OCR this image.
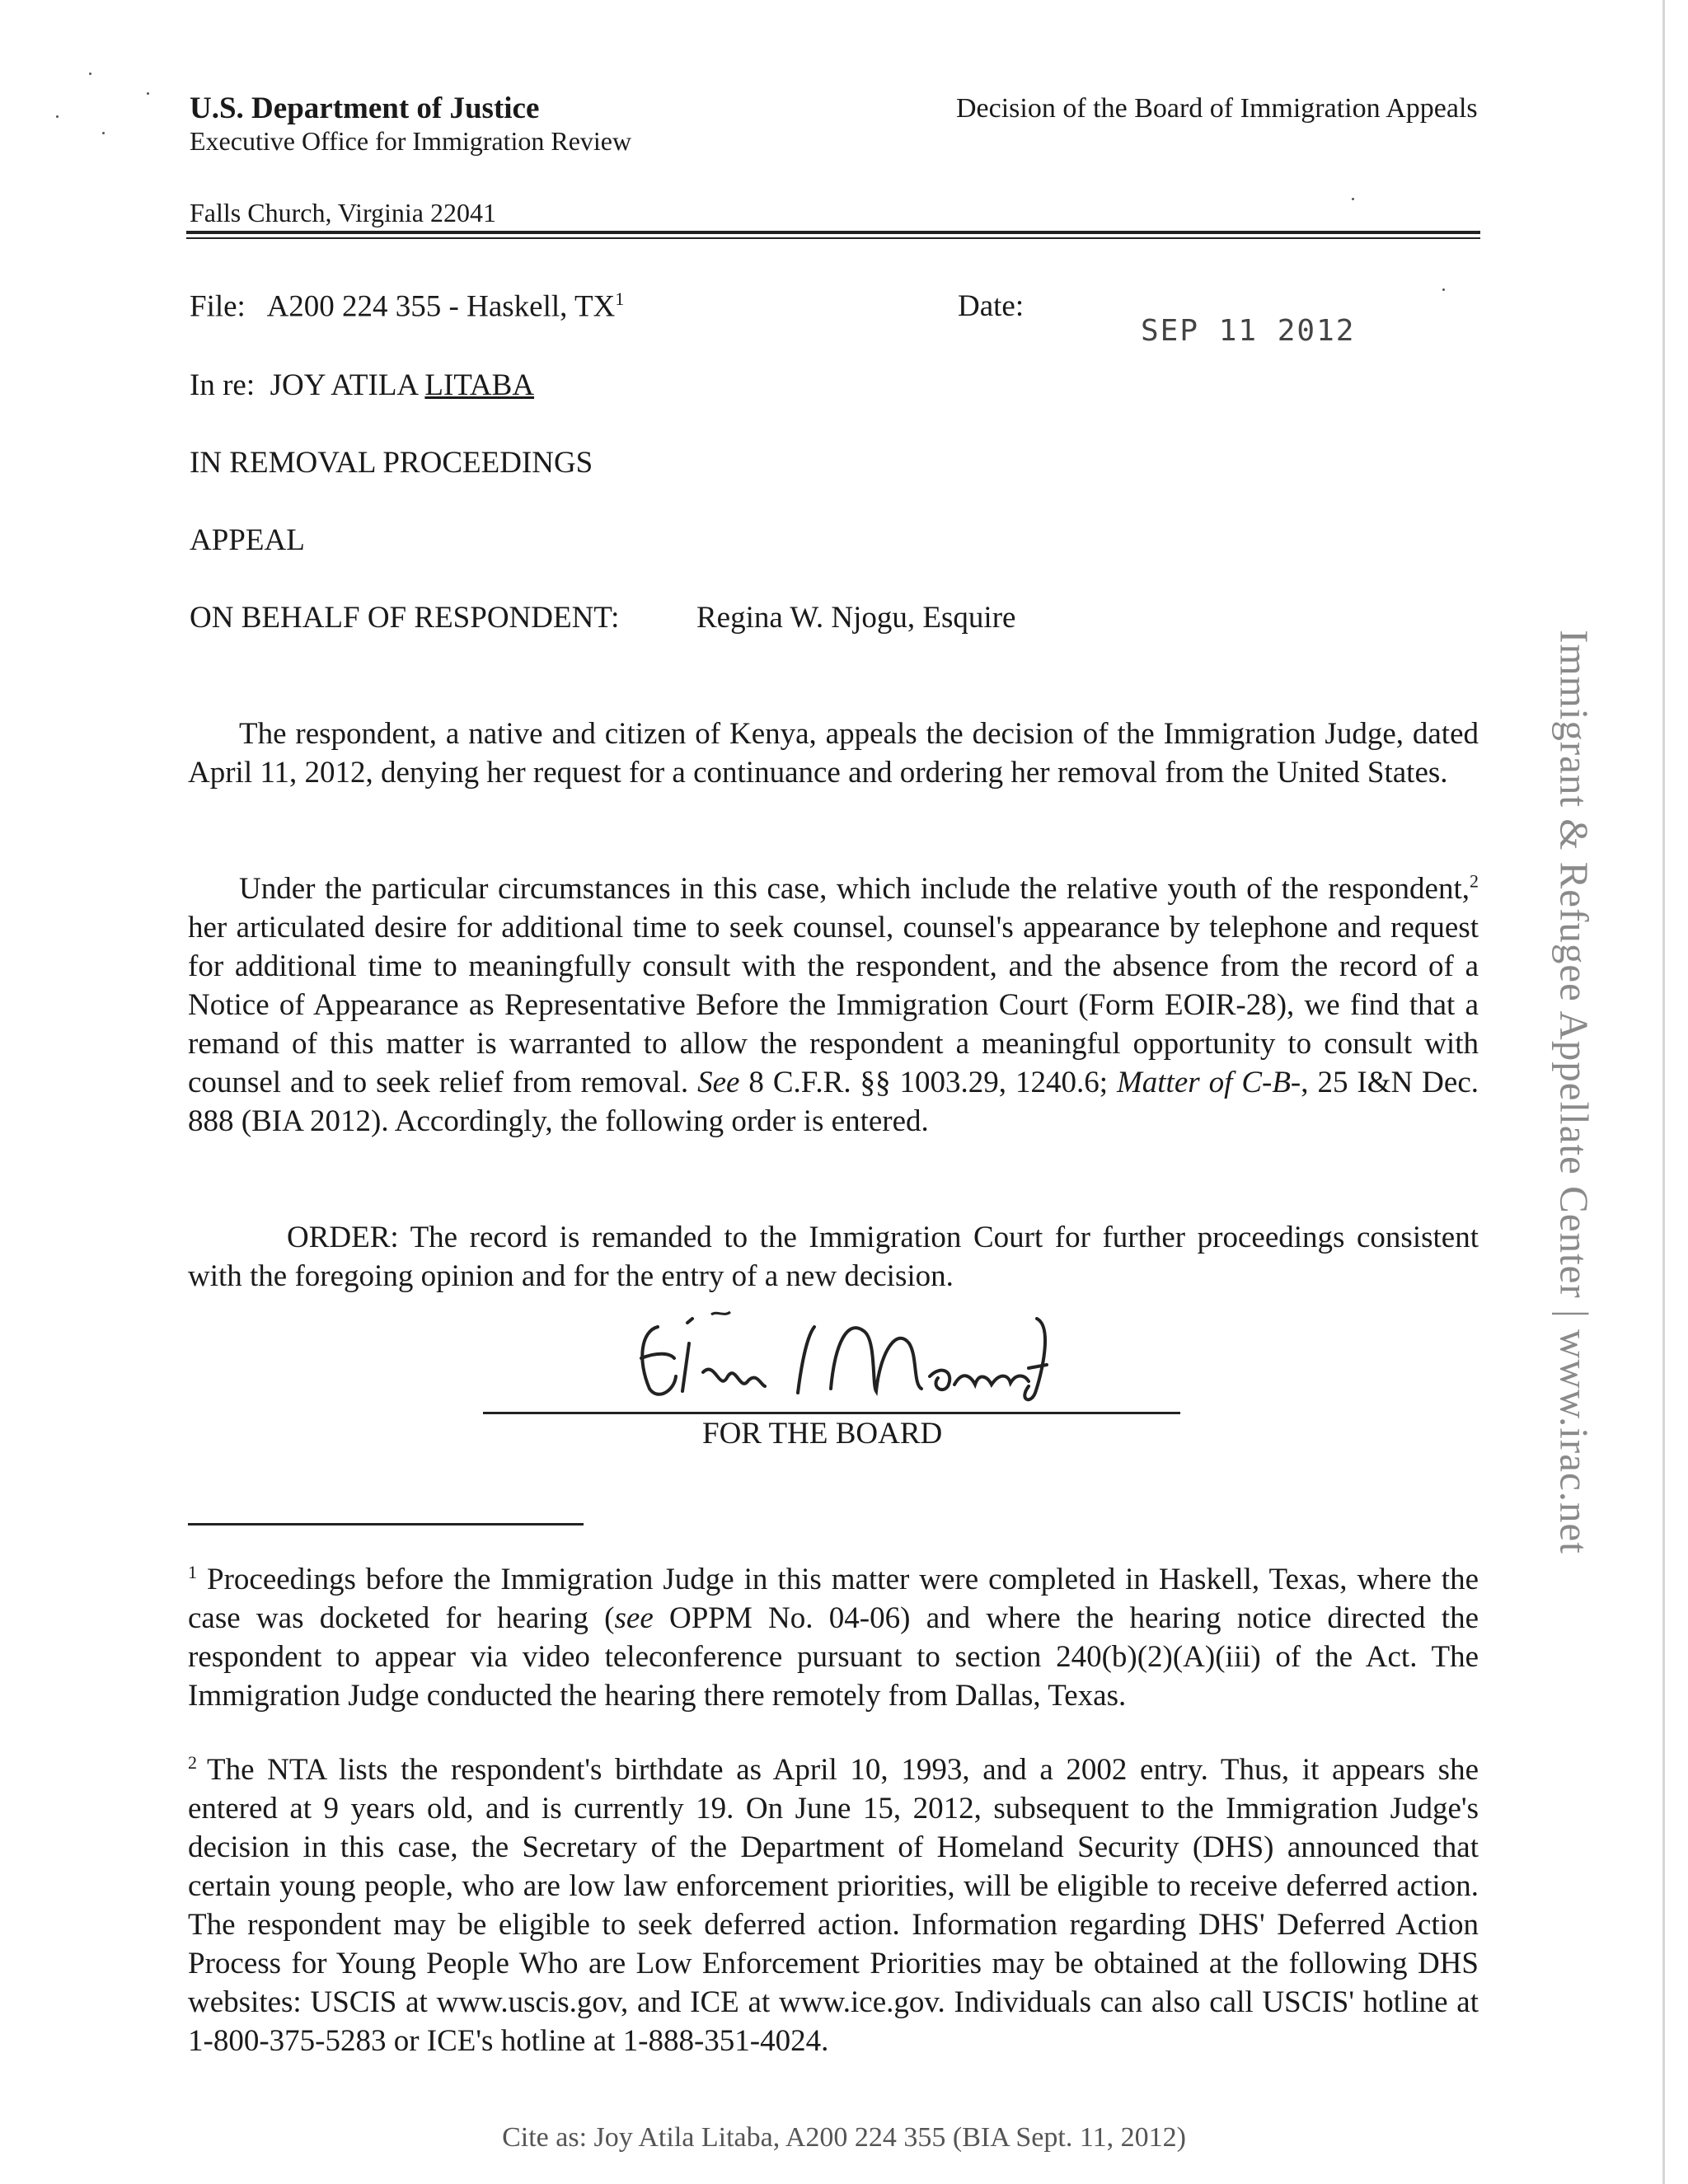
U.S. Department of Justice
Executive Office for Immigration Review
Decision of the Board of Immigration Appeals
Falls Church, Virginia 22041
File: A200 224 355 - Haskell, $TX^1$	Date:
SEP 11 2012
In re: JOY ATILA LITABA
IN REMOVAL PROCEEDINGS
APPEAL
ON BEHALF OF RESPONDENT:	Regina W. Njogu, Esquire

The respondent, a native and citizen of Kenya, appeals the decision of the Immigration Judge, dated April 11, 2012, denying her request for a continuance and ordering her removal from the United States.

Under the particular circumstances in this case, which include the relative youth of the respondent,$^2$ her articulated desire for additional time to seek counsel, counsel's appearance by telephone and request for additional time to meaningfully consult with the respondent, and the absence from the record of a Notice of Appearance as Representative Before the Immigration Court (Form EOIR-28), we find that a remand of this matter is warranted to allow the respondent a meaningful opportunity to consult with counsel and to seek relief from removal. See 8 C.F.R. §§ 1003.29, 1240.6; Matter of C-B-, 25 I&N Dec. 888 (BIA 2012). Accordingly, the following order is entered.

ORDER: The record is remanded to the Immigration Court for further proceedings consistent with the foregoing opinion and for the entry of a new decision.

FOR THE BOARD

$^1$ Proceedings before the Immigration Judge in this matter were completed in Haskell, Texas, where the case was docketed for hearing (see OPPM No. 04-06) and where the hearing notice directed the respondent to appear via video teleconference pursuant to section 240(b)(2)(A)(iii) of the Act. The Immigration Judge conducted the hearing there remotely from Dallas, Texas.

$^2$ The NTA lists the respondent's birthdate as April 10, 1993, and a 2002 entry. Thus, it appears she entered at 9 years old, and is currently 19. On June 15, 2012, subsequent to the Immigration Judge's decision in this case, the Secretary of the Department of Homeland Security (DHS) announced that certain young people, who are low law enforcement priorities, will be eligible to receive deferred action. The respondent may be eligible to seek deferred action. Information regarding DHS' Deferred Action Process for Young People Who are Low Enforcement Priorities may be obtained at the following DHS websites: USCIS at www.uscis.gov, and ICE at www.ice.gov. Individuals can also call USCIS' hotline at 1-800-375-5283 or ICE's hotline at 1-888-351-4024.

Cite as: Joy Atila Litaba, A200 224 355 (BIA Sept. 11, 2012)
Immigrant & Refugee Appellate Center | www.irac.net
